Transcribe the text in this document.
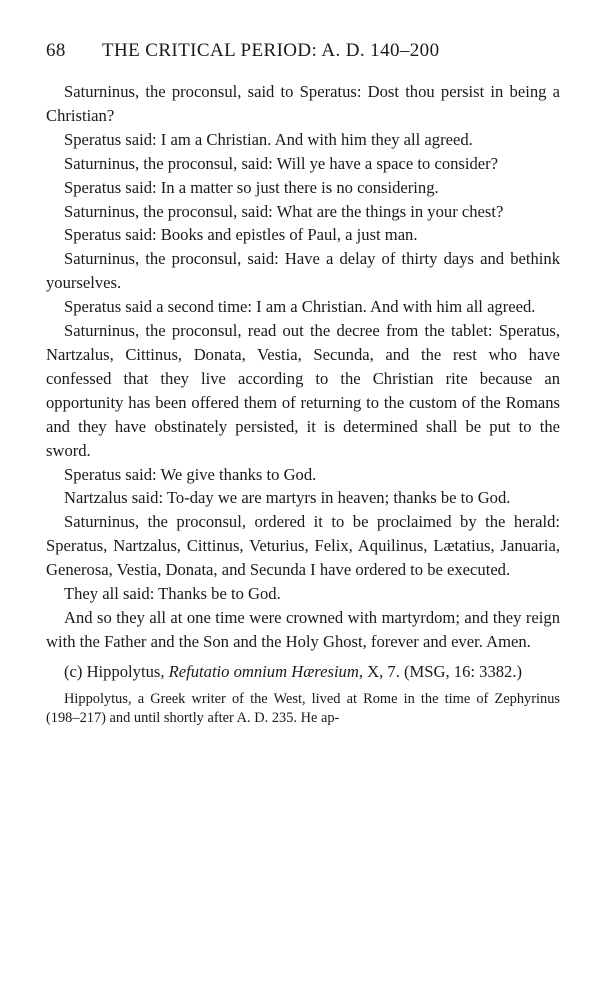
68	THE CRITICAL PERIOD: A. D. 140–200

Saturninus, the proconsul, said to Speratus: Dost thou persist in being a Christian?

Speratus said: I am a Christian. And with him they all agreed.

Saturninus, the proconsul, said: Will ye have a space to consider?

Speratus said: In a matter so just there is no considering.

Saturninus, the proconsul, said: What are the things in your chest?

Speratus said: Books and epistles of Paul, a just man.

Saturninus, the proconsul, said: Have a delay of thirty days and bethink yourselves.

Speratus said a second time: I am a Christian. And with him all agreed.

Saturninus, the proconsul, read out the decree from the tablet: Speratus, Nartzalus, Cittinus, Donata, Vestia, Secunda, and the rest who have confessed that they live according to the Christian rite because an opportunity has been offered them of returning to the custom of the Romans and they have obstinately persisted, it is determined shall be put to the sword.

Speratus said: We give thanks to God.

Nartzalus said: To-day we are martyrs in heaven; thanks be to God.

Saturninus, the proconsul, ordered it to be proclaimed by the herald: Speratus, Nartzalus, Cittinus, Veturius, Felix, Aquilinus, Lætatius, Januaria, Generosa, Vestia, Donata, and Secunda I have ordered to be executed.

They all said: Thanks be to God.

And so they all at one time were crowned with martyrdom; and they reign with the Father and the Son and the Holy Ghost, forever and ever. Amen.

(c) Hippolytus, Refutatio omnium Hæresium, X, 7. (MSG, 16: 3382.)

Hippolytus, a Greek writer of the West, lived at Rome in the time of Zephyrinus (198–217) and until shortly after A. D. 235. He ap-
